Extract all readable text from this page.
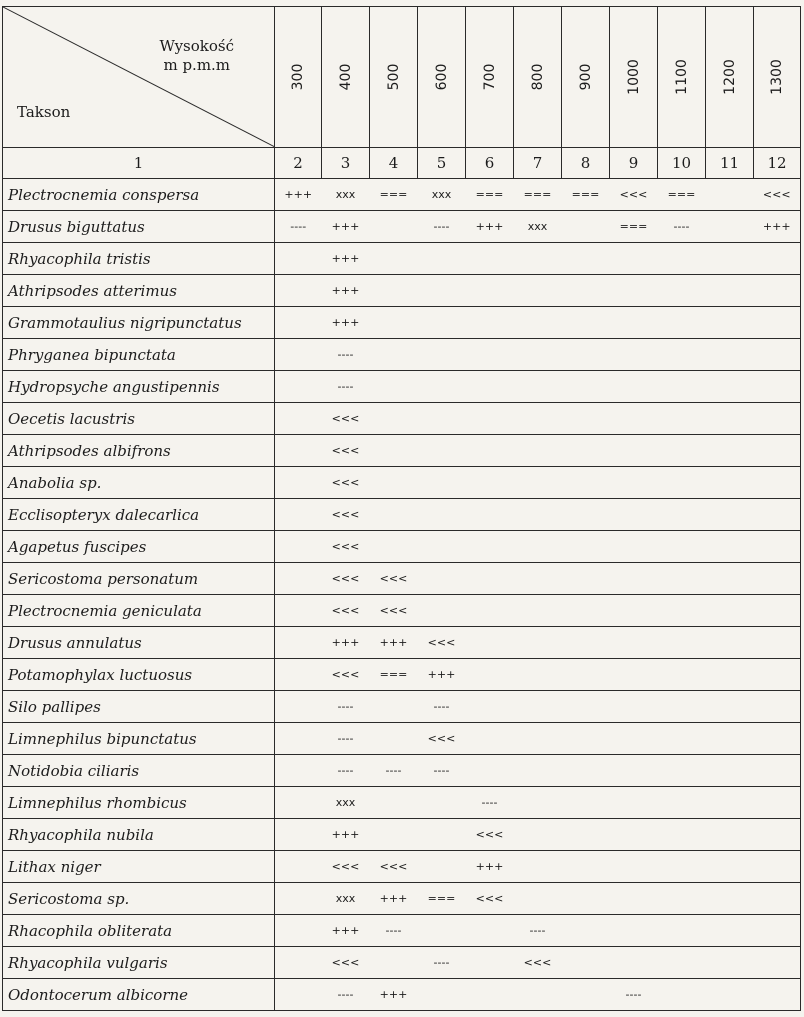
Wysokość
m p.m.m
Takson	300	400	500	600	700	800	900	1000	1100	1200	1300

1	2	3	4	5	6	7	8	9	10	11	12
Plectrocnemia conspersa	+++	xxx	===	xxx	===	===	===	<<<	===		<<<
Drusus biguttatus	----	+++		----	+++	xxx		===	----		+++
Rhyacophila tristis		+++									
Athripsodes atterimus		+++									
Grammotaulius nigripunctatus		+++									
Phryganea bipunctata		----									
Hydropsyche angustipennis		----									
Oecetis lacustris		<<<									
Athripsodes albifrons		<<<									
Anabolia sp.		<<<									
Ecclisopteryx dalecarlica		<<<									
Agapetus fuscipes		<<<									
Sericostoma personatum		<<<	<<<								
Plectrocnemia geniculata		<<<	<<<								
Drusus annulatus		+++	+++	<<<							
Potamophylax luctuosus		<<<	===	+++							
Silo pallipes		----		----							
Limnephilus bipunctatus		----		<<<							
Notidobia ciliaris		----	----	----							
Limnephilus rhombicus		xxx			----						
Rhyacophila nubila		+++			<<<						
Lithax niger		<<<	<<<		+++						
Sericostoma sp.		xxx	+++	===	<<<						
Rhacophila obliterata		+++	----			----					
Rhyacophila vulgaris		<<<		----		<<<					
Odontocerum albicorne		----	+++					----			
